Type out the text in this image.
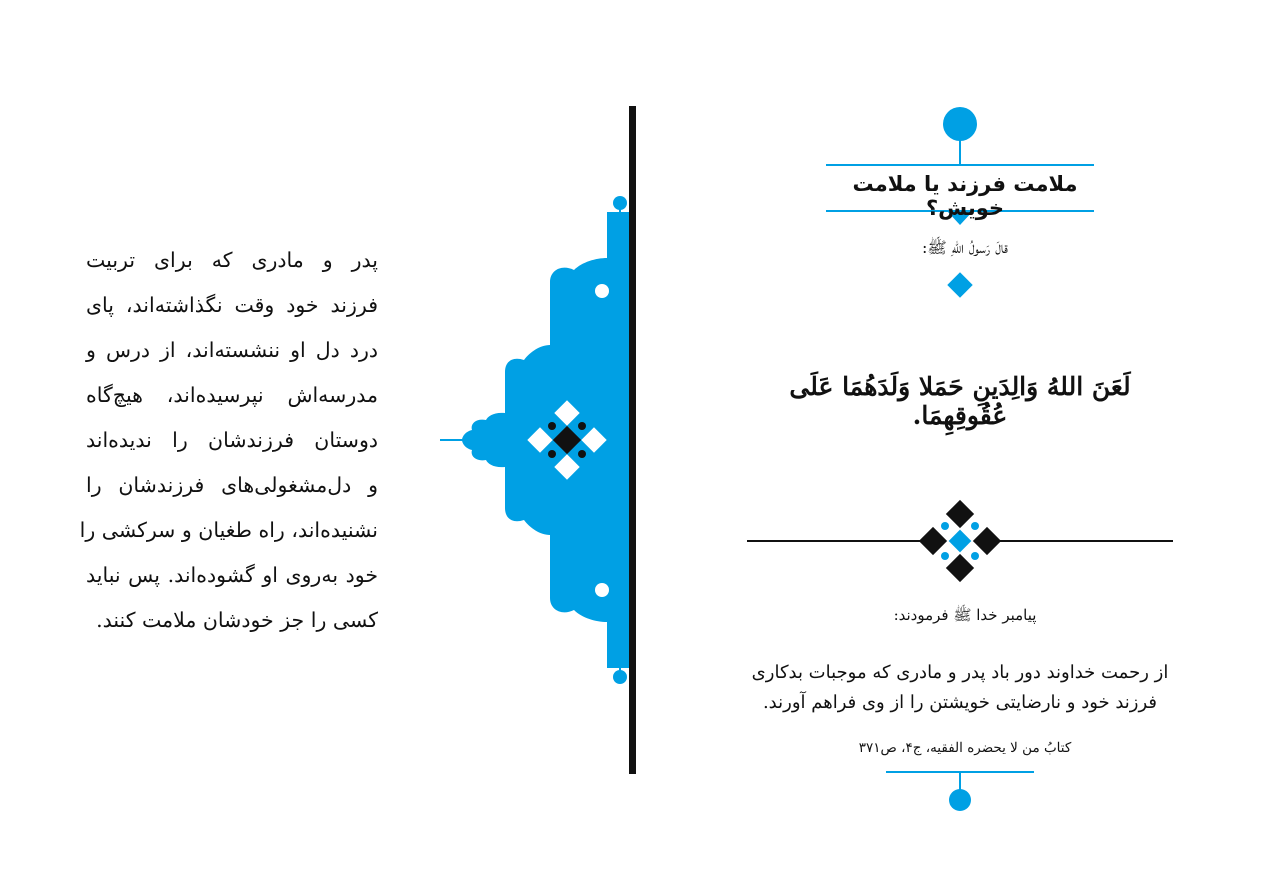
پدر و مادری که برای تربیت
فرزند خود وقت نگذاشته‌اند، پای
درد دل او ننشسته‌اند، از درس و
مدرسه‌اش نپرسیده‌اند، هیچ‌گاه
دوستان فرزندشان را ندیده‌اند
و دل‌مشغولی‌های فرزندشان را
نشنیده‌اند، راه طغیان و سرکشی را
خود به‌روی او گشوده‌اند. پس نباید
کسی را جز خودشان ملامت کنند.
ملامت فرزند یا ملامت خویش؟
قالَ رَسولُ اللهِ ﷺ:
لَعَنَ اللهُ وَالِدَینِ حَمَلا وَلَدَهُمَا عَلَی عُقُوقِهِمَا.
پیامبر خدا ﷺ فرمودند:
از رحمت خداوند دور باد پدر و مادری که موجبات بدکاری
فرزند خود و نارضایتی خویشتن را از وی فراهم آورند.
کتابُ من لا یحضره الفقیه، ج۴، ص۳۷۱
